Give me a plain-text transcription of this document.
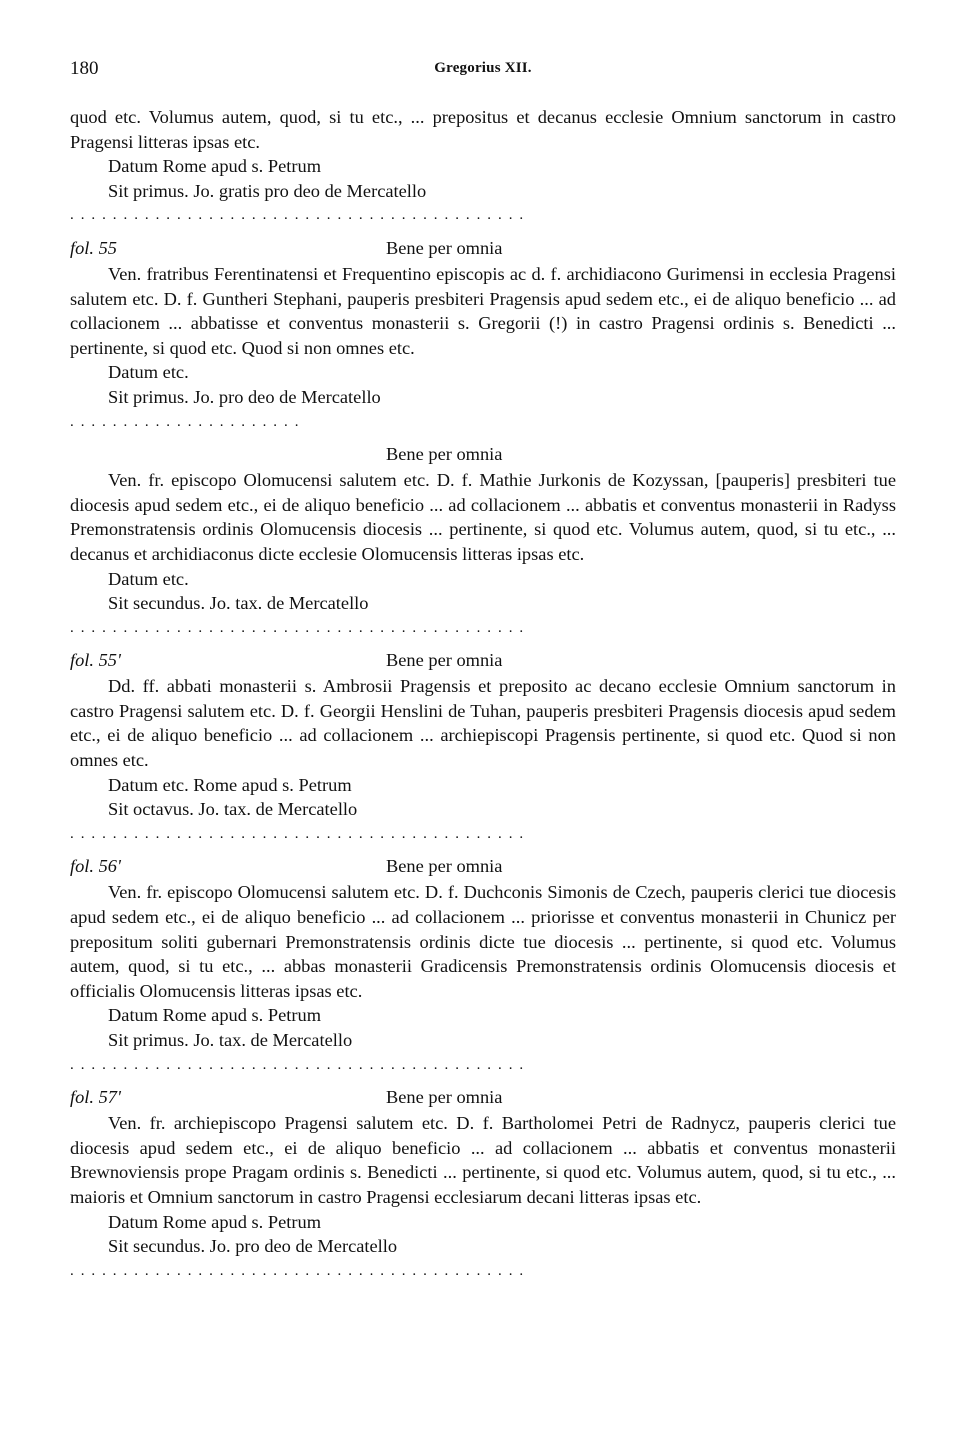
180	Gregorius XII.

quod etc. Volumus autem, quod, si tu etc., ... prepositus et decanus ecclesie Omnium sanctorum in castro Pragensi litteras ipsas etc.

Datum Rome apud s. Petrum
Sit primus. Jo. gratis pro deo de Mercatello
. . . . . . . . . . . . . . . . . . . . . . . . . . . . . . . . . . . . . . . . . . .
fol. 55	Bene per omnia

Ven. fratribus Ferentinatensi et Frequentino episcopis ac d. f. archidiacono Gurimensi in ecclesia Pragensi salutem etc. D. f. Guntheri Stephani, pauperis presbiteri Pragensis apud sedem etc., ei de aliquo beneficio ... ad collacionem ... abbatisse et conventus monasterii s. Gregorii (!) in castro Pragensi ordinis s. Benedicti ... pertinente, si quod etc. Quod si non omnes etc.

Datum etc.
Sit primus. Jo. pro deo de Mercatello
. . . . . . . . . . . . . . . . . . . . . .
Bene per omnia

Ven. fr. episcopo Olomucensi salutem etc. D. f. Mathie Jurkonis de Kozyssan, [pauperis] presbiteri tue diocesis apud sedem etc., ei de aliquo beneficio ... ad collacionem ... abbatis et conventus monasterii in Radyss Premonstratensis ordinis Olomucensis diocesis ... pertinente, si quod etc. Volumus autem, quod, si tu etc., ... decanus et archidiaconus dicte ecclesie Olomucensis litteras ipsas etc.

Datum etc.
Sit secundus. Jo. tax. de Mercatello
. . . . . . . . . . . . . . . . . . . . . . . . . . . . . . . . . . . . . . . . . . .
fol. 55'	Bene per omnia

Dd. ff. abbati monasterii s. Ambrosii Pragensis et preposito ac decano ecclesie Omnium sanctorum in castro Pragensi salutem etc. D. f. Georgii Henslini de Tuhan, pauperis presbiteri Pragensis diocesis apud sedem etc., ei de aliquo beneficio ... ad collacionem ... archiepiscopi Pragensis pertinente, si quod etc. Quod si non omnes etc.

Datum etc. Rome apud s. Petrum
Sit octavus. Jo. tax. de Mercatello
. . . . . . . . . . . . . . . . . . . . . . . . . . . . . . . . . . . . . . . . . . .
fol. 56'	Bene per omnia

Ven. fr. episcopo Olomucensi salutem etc. D. f. Duchconis Simonis de Czech, pauperis clerici tue diocesis apud sedem etc., ei de aliquo beneficio ... ad collacionem ... priorisse et conventus monasterii in Chunicz per prepositum soliti gubernari Premonstratensis ordinis dicte tue diocesis ... pertinente, si quod etc. Volumus autem, quod, si tu etc., ... abbas monasterii Gradicensis Premonstratensis ordinis Olomucensis diocesis et officialis Olomucensis litteras ipsas etc.

Datum Rome apud s. Petrum
Sit primus. Jo. tax. de Mercatello
. . . . . . . . . . . . . . . . . . . . . . . . . . . . . . . . . . . . . . . . . . .
fol. 57'	Bene per omnia

Ven. fr. archiepiscopo Pragensi salutem etc. D. f. Bartholomei Petri de Radnycz, pauperis clerici tue diocesis apud sedem etc., ei de aliquo beneficio ... ad collacionem ... abbatis et conventus monasterii Brewnoviensis prope Pragam ordinis s. Benedicti ... pertinente, si quod etc. Volumus autem, quod, si tu etc., ... maioris et Omnium sanctorum in castro Pragensi ecclesiarum decani litteras ipsas etc.

Datum Rome apud s. Petrum
Sit secundus. Jo. pro deo de Mercatello
. . . . . . . . . . . . . . . . . . . . . . . . . . . . . . . . . . . . . . . . . . .
